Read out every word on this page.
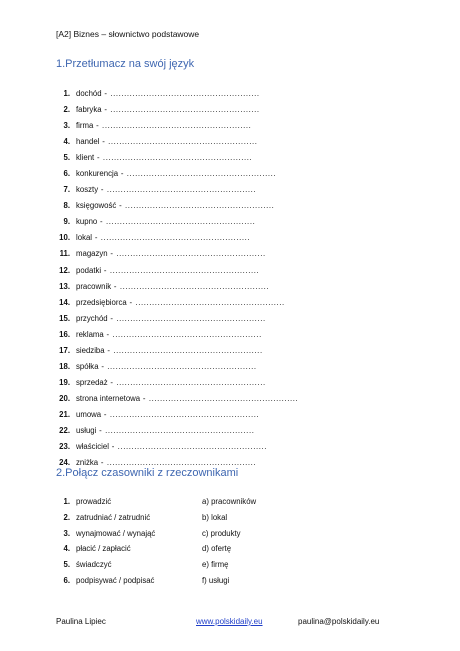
[A2] Biznes – słownictwo podstawowe
1.Przetłumacz na swój język
1. dochód - ......................................................
2. fabryka - ......................................................
3. firma - ......................................................
4. handel - ......................................................
5. klient - ......................................................
6. konkurencja - ......................................................
7. koszty - ......................................................
8. księgowość - ......................................................
9. kupno - ......................................................
10. lokal - ......................................................
11. magazyn - ......................................................
12. podatki - ......................................................
13. pracownik - ......................................................
14. przedsiębiorca - ......................................................
15. przychód - ......................................................
16. reklama - ......................................................
17. siedziba - ......................................................
18. spółka - ......................................................
19. sprzedaż - ......................................................
20. strona internetowa - ......................................................
21. umowa - ......................................................
22. usługi - ......................................................
23. właściciel - ......................................................
24. zniżka - ......................................................
2.Połącz czasowniki z rzeczownikami
1. prowadzić	a) pracowników
2. zatrudniać / zatrudnić	b) lokal
3. wynajmować / wynająć	c) produkty
4. płacić / zapłacić	d) ofertę
5. świadczyć	e) firmę
6. podpisywać / podpisać	f) usługi
Paulina Lipiec	www.polskidaily.eu	paulina@polskidaily.eu
